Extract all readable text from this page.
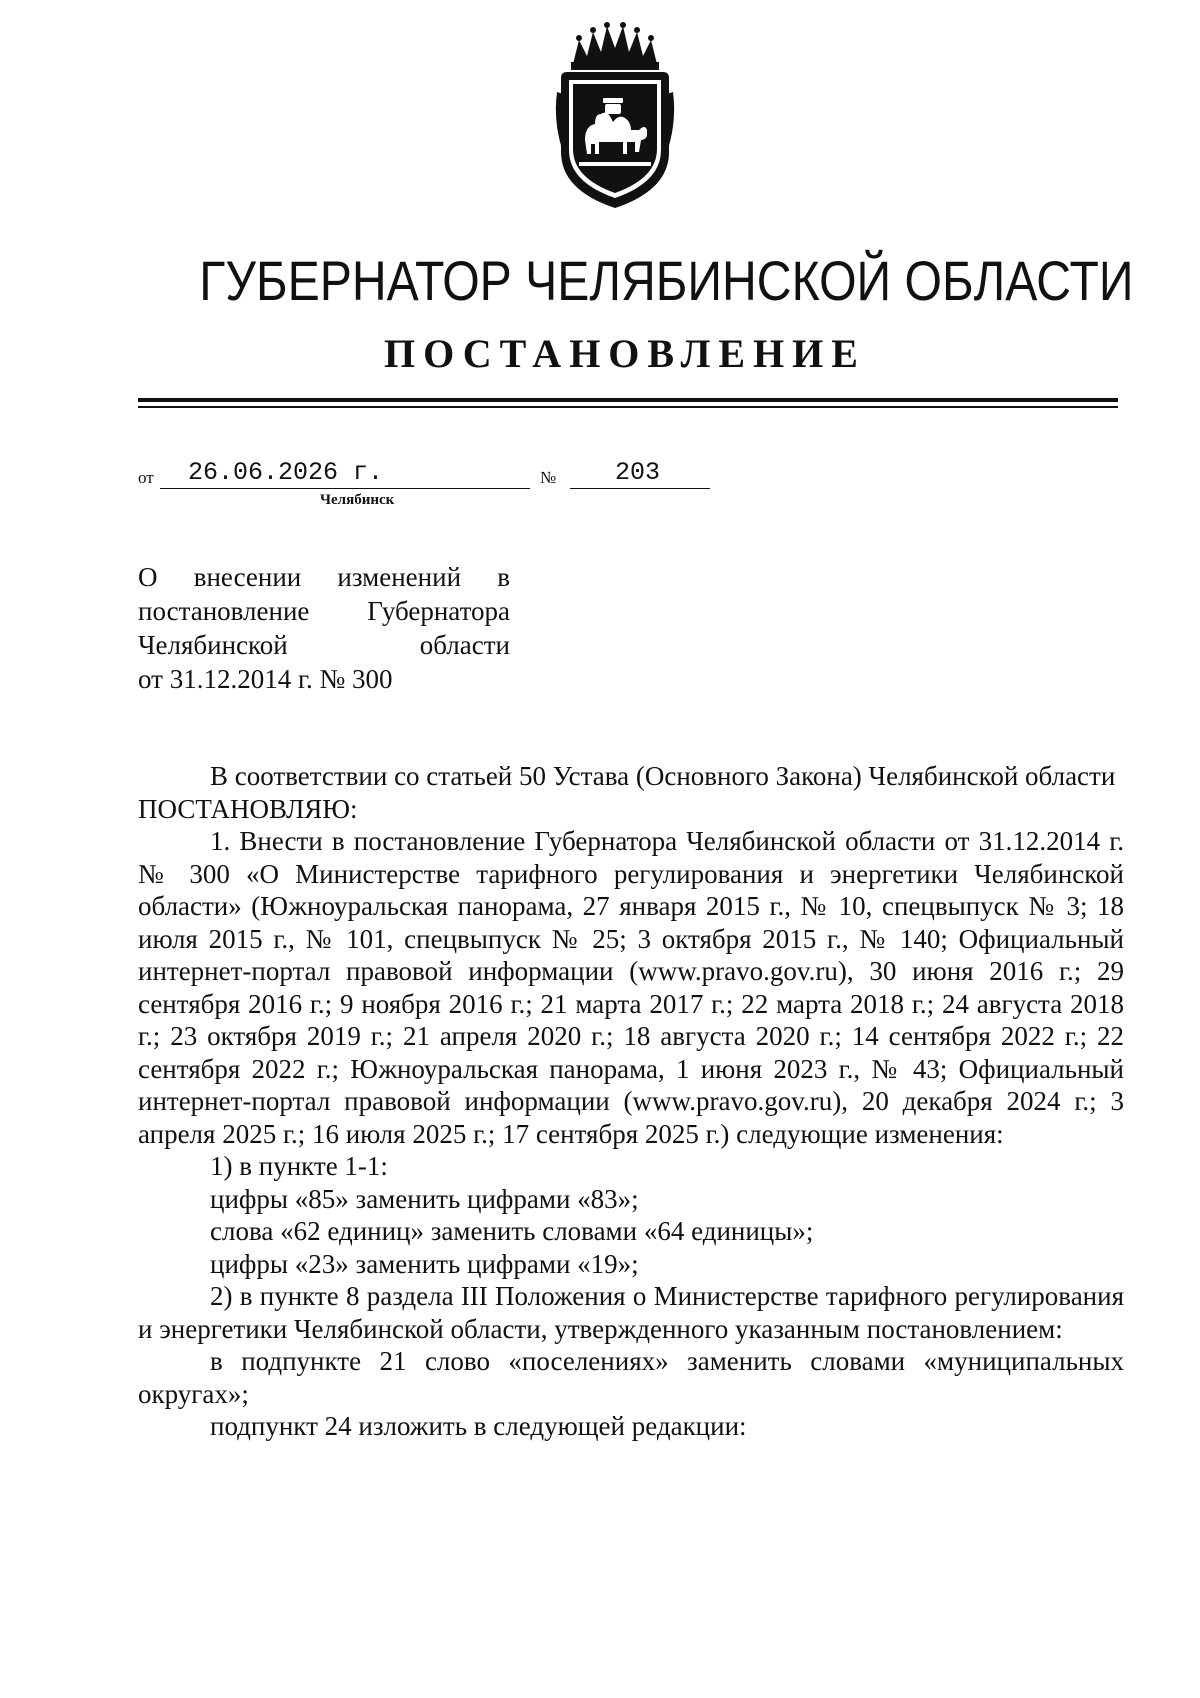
ГУБЕРНАТОР ЧЕЛЯБИНСКОЙ ОБЛАСТИ
ПОСТАНОВЛЕНИЕ
от	26.06.2026 г.	№	203
Челябинск
О внесении изменений в
постановление Губернатора
Челябинской области
от 31.12.2014 г. № 300

В соответствии со статьей 50 Устава (Основного Закона) Челябинской области

ПОСТАНОВЛЯЮ:

1. Внести в постановление Губернатора Челябинской области от 31.12.2014 г. № 300 «О Министерстве тарифного регулирования и энергетики Челябинской области» (Южноуральская панорама, 27 января 2015 г., № 10, спецвыпуск № 3; 18 июля 2015 г., № 101, спецвыпуск № 25; 3 октября 2015 г., № 140; Официальный интернет-портал правовой информации (www.pravo.gov.ru), 30 июня 2016 г.; 29 сентября 2016 г.; 9 ноября 2016 г.; 21 марта 2017 г.; 22 марта 2018 г.; 24 августа 2018 г.; 23 октября 2019 г.; 21 апреля 2020 г.; 18 августа 2020 г.; 14 сентября 2022 г.; 22 сентября 2022 г.; Южноуральская панорама, 1 июня 2023 г., № 43; Официальный интернет-портал правовой информации (www.pravo.gov.ru), 20 декабря 2024 г.; 3 апреля 2025 г.; 16 июля 2025 г.; 17 сентября 2025 г.) следующие изменения:

1) в пункте 1-1:

цифры «85» заменить цифрами «83»;

слова «62 единиц» заменить словами «64 единицы»;

цифры «23» заменить цифрами «19»;

2) в пункте 8 раздела III Положения о Министерстве тарифного регулирования и энергетики Челябинской области, утвержденного указанным постановлением:

в подпункте 21 слово «поселениях» заменить словами «муниципальных округах»;

подпункт 24 изложить в следующей редакции:
